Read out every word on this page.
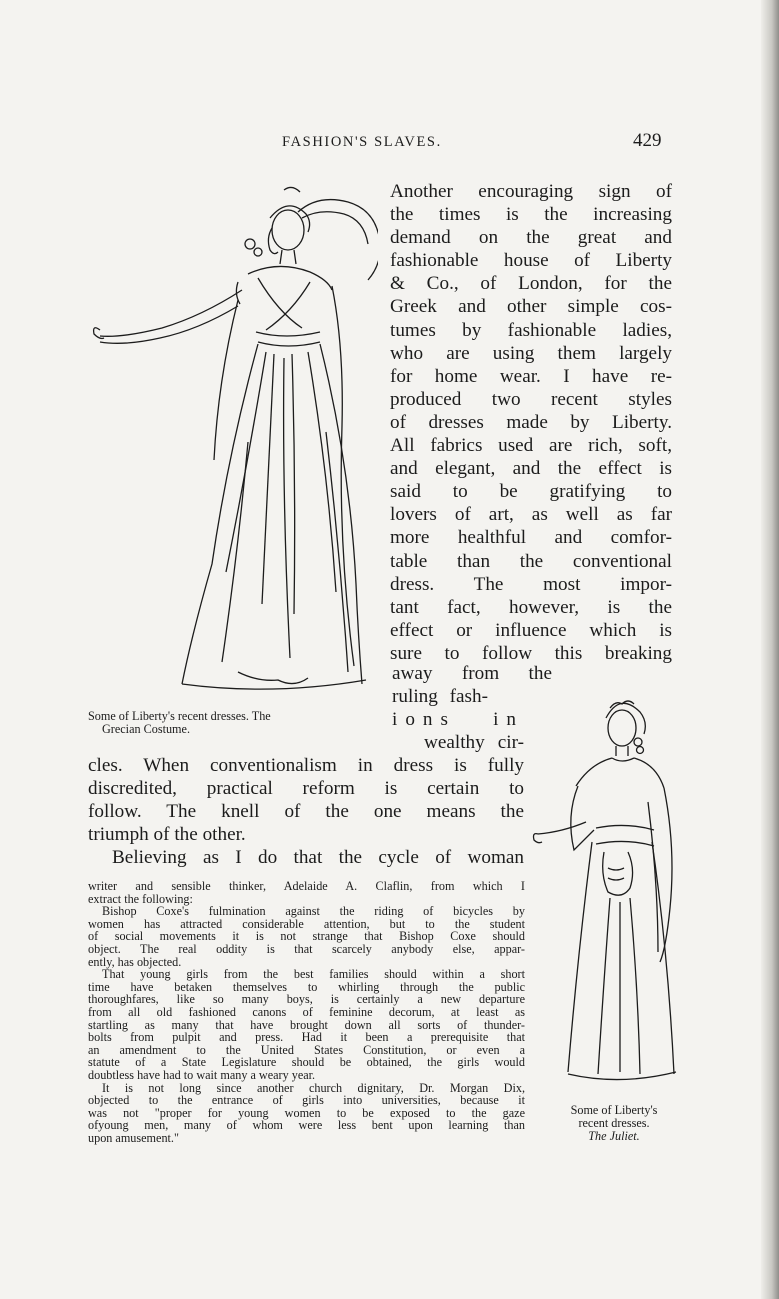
FASHION'S SLAVES.	429

Another encouraging sign of
the times is the increasing
demand on the great and
fashionable house of Liberty
& Co., of London, for the
Greek and other simple cos-
tumes by fashionable ladies,
who are using them largely
for home wear. I have re-
produced two recent styles
of dresses made by Liberty.
All fabrics used are rich, soft,
and elegant, and the effect is
said to be gratifying to
lovers of art, as well as far
more healthful and comfor-
table than the conventional
dress. The most impor-
tant fact, however, is the
effect or influence which is
sure to follow this breaking

away from the
ruling fash-
ions in
wealthy cir-

Some of Liberty's recent dresses. The
Grecian Costume.

cles. When conventionalism in dress is fully
discredited, practical reform is certain to
follow. The knell of the one means the
triumph of the other.
Believing as I do that the cycle of woman

writer and sensible thinker, Adelaide A. Claflin, from which I
extract the following:
Bishop Coxe's fulmination against the riding of bicycles by
women has attracted considerable attention, but to the student
of social movements it is not strange that Bishop Coxe should
object. The real oddity is that scarcely anybody else, appar-
ently, has objected.
That young girls from the best families should within a short
time have betaken themselves to whirling through the public
thoroughfares, like so many boys, is certainly a new departure
from all old fashioned canons of feminine decorum, at least as
startling as many that have brought down all sorts of thunder-
bolts from pulpit and press. Had it been a prerequisite that
an amendment to the United States Constitution, or even a
statute of a State Legislature should be obtained, the girls would
doubtless have had to wait many a weary year.
It is not long since another church dignitary, Dr. Morgan Dix,
objected to the entrance of girls into universities, because it
was not "proper for young women to be exposed to the gaze
ofyoung men, many of whom were less bent upon learning than
upon amusement."

Some of Liberty's
recent dresses.
The Juliet.
